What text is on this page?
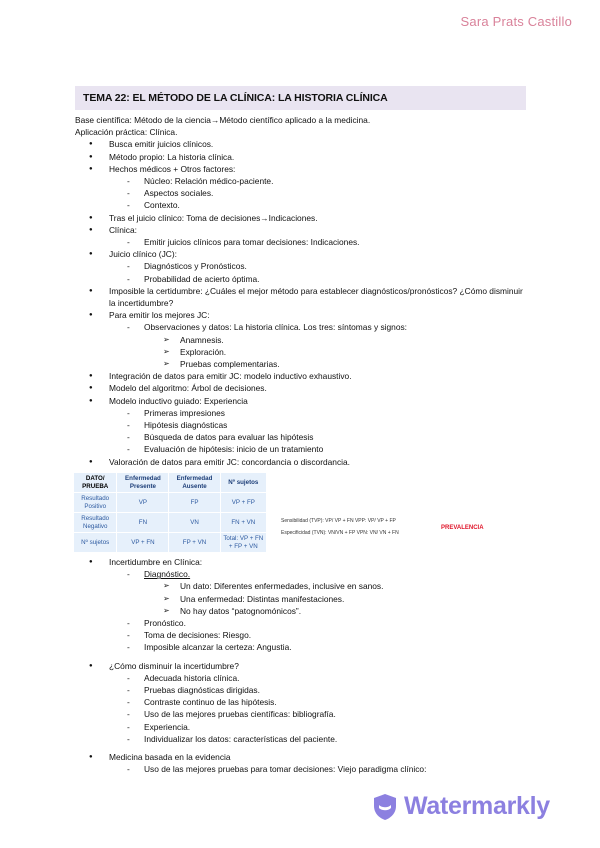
Sara Prats Castillo
TEMA 22: EL MÉTODO DE LA CLÍNICA: LA HISTORIA CLÍNICA
Base científica: Método de la ciencia→Método científico aplicado a la medicina.
Aplicación práctica: Clínica.
● Busca emitir juicios clínicos.
● Método propio: La historia clínica.
● Hechos médicos + Otros factores:
- Núcleo: Relación médico-paciente.
- Aspectos sociales.
- Contexto.
● Tras el juicio clínico: Toma de decisiones→Indicaciones.
● Clínica:
- Emitir juicios clínicos para tomar decisiones: Indicaciones.
● Juicio clínico (JC):
- Diagnósticos y Pronósticos.
- Probabilidad de acierto óptima.
● Imposible la certidumbre: ¿Cuáles el mejor método para establecer diagnósticos/pronósticos? ¿Cómo disminuir la incertidumbre?
● Para emitir los mejores JC:
- Observaciones y datos: La historia clínica. Los tres: síntomas y signos:
➢ Anamnesis.
➢ Exploración.
➢ Pruebas complementarias.
● Integración de datos para emitir JC: modelo inductivo exhaustivo.
● Modelo del algoritmo: Árbol de decisiones.
● Modelo inductivo guiado: Experiencia
- Primeras impresiones
- Hipótesis diagnósticas
- Búsqueda de datos para evaluar las hipótesis
- Evaluación de hipótesis: inicio de un tratamiento
● Valoración de datos para emitir JC: concordancia o discordancia.
DATO/ PRUEBA	Enfermedad Presente	Enfermedad Ausente	Nº sujetos
Resultado Positivo	VP	FP	VP + FP
Resultado Negativo	FN	VN	FN + VN
Nº sujetos	VP + FN	FP + VN	Total: VP + FN + FP + VN
Sensibilidad (TVP): VP/ VP + FN VPP: VP/ VP + FP
Especificidad (TVN): VN/VN + FP VPN: VN/ VN + FN
PREVALENCIA
● Incertidumbre en Clínica:
- Diagnóstico.
➢ Un dato: Diferentes enfermedades, inclusive en sanos.
➢ Una enfermedad: Distintas manifestaciones.
➢ No hay datos “patognomónicos”.
- Pronóstico.
- Toma de decisiones: Riesgo.
- Imposible alcanzar la certeza: Angustia.
● ¿Cómo disminuir la incertidumbre?
- Adecuada historia clínica.
- Pruebas diagnósticas dirigidas.
- Contraste continuo de las hipótesis.
- Uso de las mejores pruebas científicas: bibliografía.
- Experiencia.
- Individualizar los datos: características del paciente.
● Medicina basada en la evidencia
- Uso de las mejores pruebas para tomar decisiones: Viejo paradigma clínico:
Watermarkly
